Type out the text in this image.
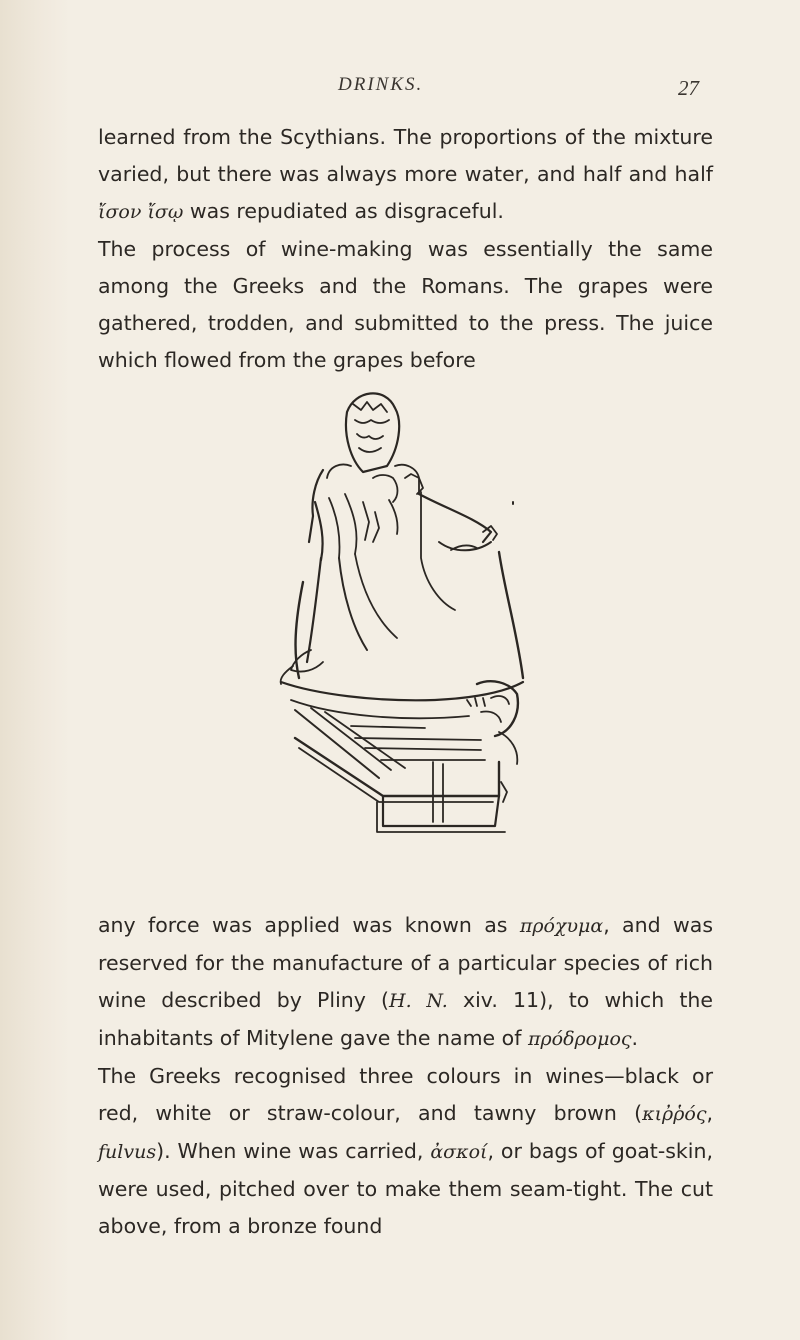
DRINKS.	27

learned from the Scythians. The proportions of the mixture varied, but there was always more water, and half and half ἴσον ἴσῳ was repudiated as disgraceful.

The process of wine-making was essentially the same among the Greeks and the Romans. The grapes were gathered, trodden, and submitted to the press. The juice which flowed from the grapes before

any force was applied was known as πρόχυμα, and was reserved for the manufacture of a particular species of rich wine described by Pliny (H. N. xiv. 11), to which the inhabitants of Mitylene gave the name of πρόδρομος.

The Greeks recognised three colours in wines—black or red, white or straw-colour, and tawny brown (κιῤῥός, fulvus). When wine was carried, ἀσκοί, or bags of goat-skin, were used, pitched over to make them seam-tight. The cut above, from a bronze found
